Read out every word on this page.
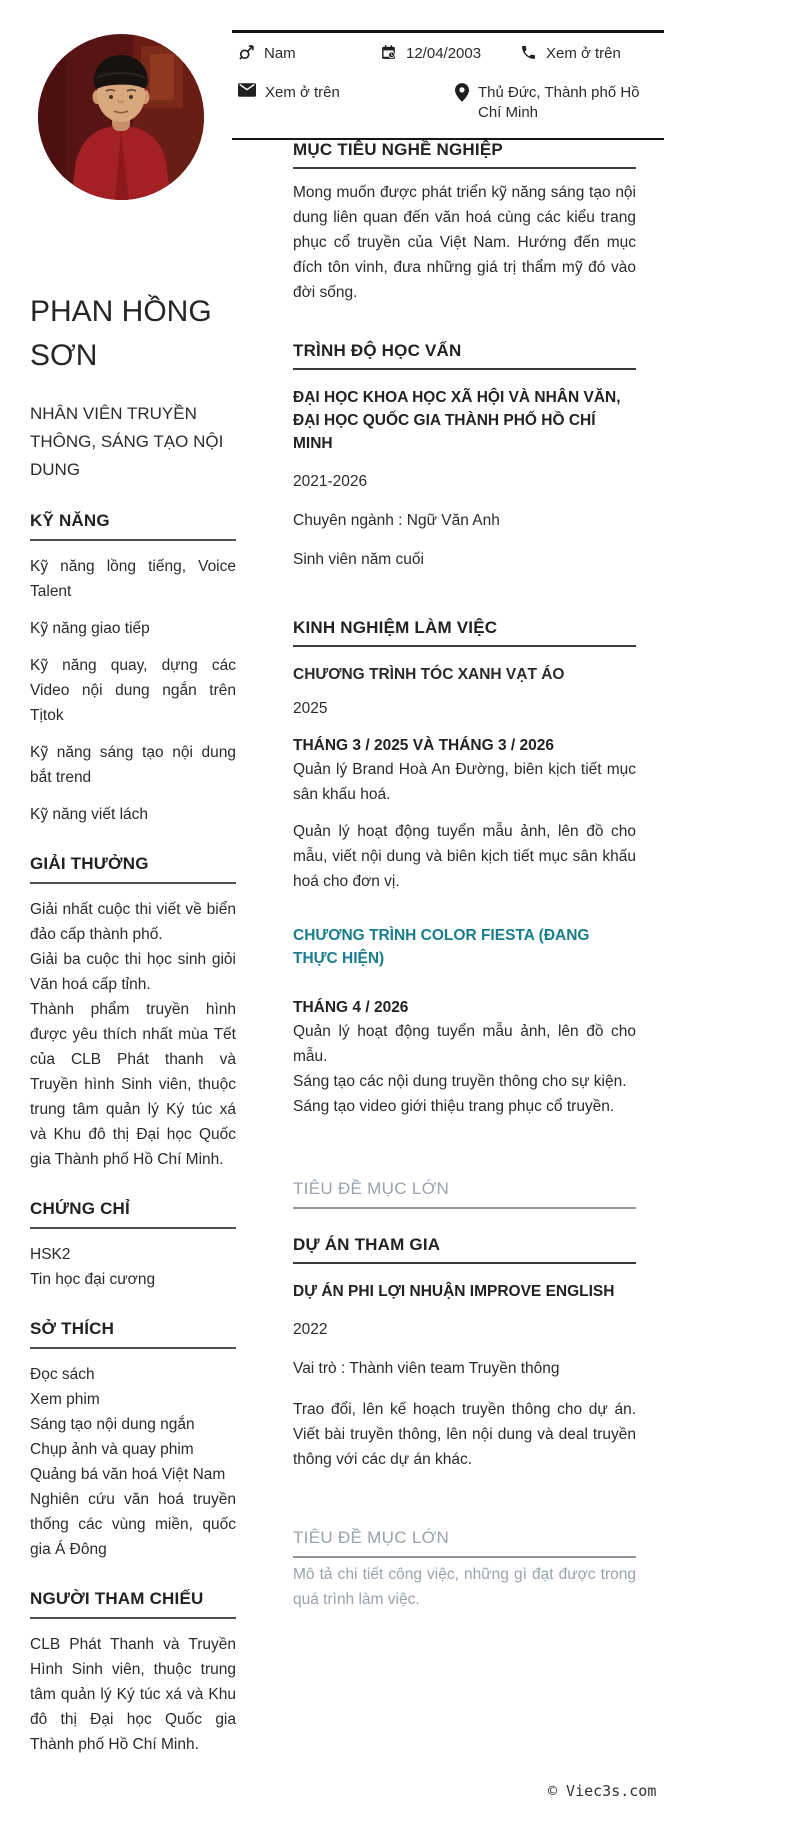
Nam	12/04/2003	Xem ở trên
Xem ở trên	Thủ Đức, Thành phố Hồ Chí Minh
PHAN HỒNG SƠN
NHÂN VIÊN TRUYỀN THÔNG, SÁNG TẠO NỘI DUNG
KỸ NĂNG
Kỹ năng lồng tiếng, Voice Talent
Kỹ năng giao tiếp
Kỹ năng quay, dựng các Video nội dung ngắn trên Tịtok
Kỹ năng sáng tạo nội dung bắt trend
Kỹ năng viết lách
GIẢI THƯỞNG
Giải nhất cuộc thi viết về biển đảo cấp thành phố.
Giải ba cuộc thi học sinh giỏi Văn hoá cấp tỉnh.
Thành phẩm truyền hình được yêu thích nhất mùa Tết của CLB Phát thanh và Truyền hình Sinh viên, thuộc trung tâm quản lý Ký túc xá và Khu đô thị Đại học Quốc gia Thành phố Hồ Chí Minh.
CHỨNG CHỈ
HSK2
Tin học đại cương
SỞ THÍCH
Đọc sách
Xem phim
Sáng tạo nội dung ngắn
Chụp ảnh và quay phim
Quảng bá văn hoá Việt Nam
Nghiên cứu văn hoá truyền thống các vùng miền, quốc gia Á Đông
NGƯỜI THAM CHIẾU
CLB Phát Thanh và Truyền Hình Sinh viên, thuộc trung tâm quản lý Ký túc xá và Khu đô thị Đại học Quốc gia Thành phố Hồ Chí Minh.
MỤC TIÊU NGHỀ NGHIỆP
Mong muốn được phát triển kỹ năng sáng tạo nội dung liên quan đến văn hoá cùng các kiểu trang phục cổ truyền của Việt Nam. Hướng đến mục đích tôn vinh, đưa những giá trị thẩm mỹ đó vào đời sống.
TRÌNH ĐỘ HỌC VẤN
ĐẠI HỌC KHOA HỌC XÃ HỘI VÀ NHÂN VĂN, ĐẠI HỌC QUỐC GIA THÀNH PHỐ HỒ CHÍ MINH
2021-2026
Chuyên ngành : Ngữ Văn Anh
Sinh viên năm cuối
KINH NGHIỆM LÀM VIỆC
CHƯƠNG TRÌNH TÓC XANH VẠT ÁO
2025
THÁNG 3 / 2025 VÀ THÁNG 3 / 2026
Quản lý Brand Hoà An Đường, biên kịch tiết mục sân khấu hoá.
Quản lý hoạt động tuyển mẫu ảnh, lên đồ cho mẫu, viết nội dung và biên kịch tiết mục sân khấu hoá cho đơn vị.
CHƯƠNG TRÌNH COLOR FIESTA (ĐANG THỰC HIỆN)
THÁNG 4 / 2026
Quản lý hoạt động tuyển mẫu ảnh, lên đồ cho mẫu.
Sáng tạo các nội dung truyền thông cho sự kiện.
Sáng tạo video giới thiệu trang phục cổ truyền.
TIÊU ĐỀ MỤC LỚN
DỰ ÁN THAM GIA
DỰ ÁN PHI LỢI NHUẬN IMPROVE ENGLISH
2022
Vai trò : Thành viên team Truyền thông
Trao đổi, lên kế hoạch truyền thông cho dự án. Viết bài truyền thông, lên nội dung và deal truyền thông với các dự án khác.
TIÊU ĐỀ MỤC LỚN
Mô tả chi tiết công việc, những gì đạt được trong quá trình làm việc.
© Viec3s.com
